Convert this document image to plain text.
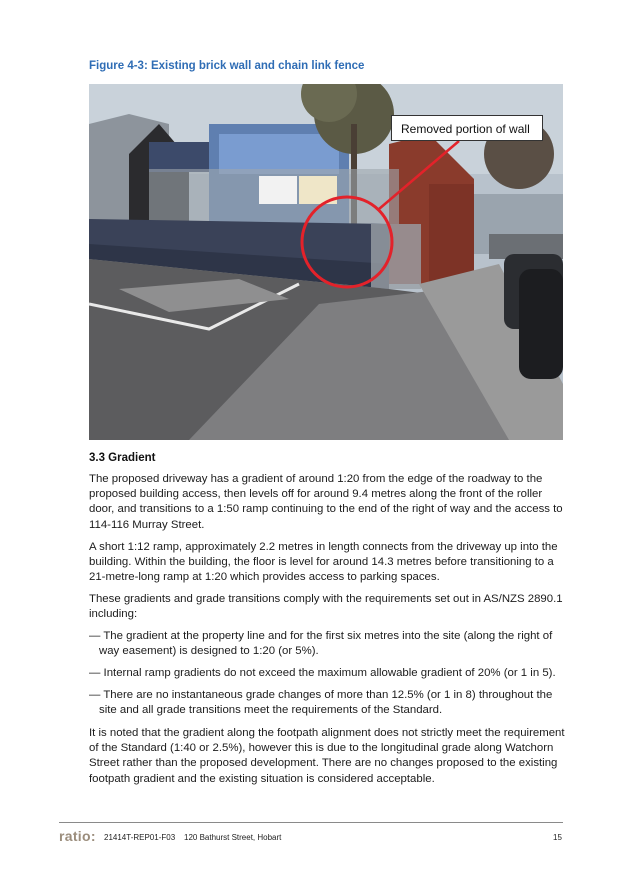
Figure 4-3: Existing brick wall and chain link fence
Removed portion of wall
3.3 Gradient
The proposed driveway has a gradient of around 1:20 from the edge of the roadway to the proposed building access, then levels off for around 9.4 metres along the front of the roller door, and transitions to a 1:50 ramp continuing to the end of the right of way and the access to 114-116 Murray Street.
A short 1:12 ramp, approximately 2.2 metres in length connects from the driveway up into the building. Within the building, the floor is level for around 14.3 metres before transitioning to a 21-metre-long ramp at 1:20 which provides access to parking spaces.
These gradients and grade transitions comply with the requirements set out in AS/NZS 2890.1 including:
— The gradient at the property line and for the first six metres into the site (along the right of way easement) is designed to 1:20 (or 5%).
— Internal ramp gradients do not exceed the maximum allowable gradient of 20% (or 1 in 5).
— There are no instantaneous grade changes of more than 12.5% (or 1 in 8) throughout the site and all grade transitions meet the requirements of the Standard.
It is noted that the gradient along the footpath alignment does not strictly meet the requirement of the Standard (1:40 or 2.5%), however this is due to the longitudinal grade along Watchorn Street rather than the proposed development. There are no changes proposed to the existing footpath gradient and the existing situation is considered acceptable.
ratio: 21414T-REP01-F03 120 Bathurst Street, Hobart	15
